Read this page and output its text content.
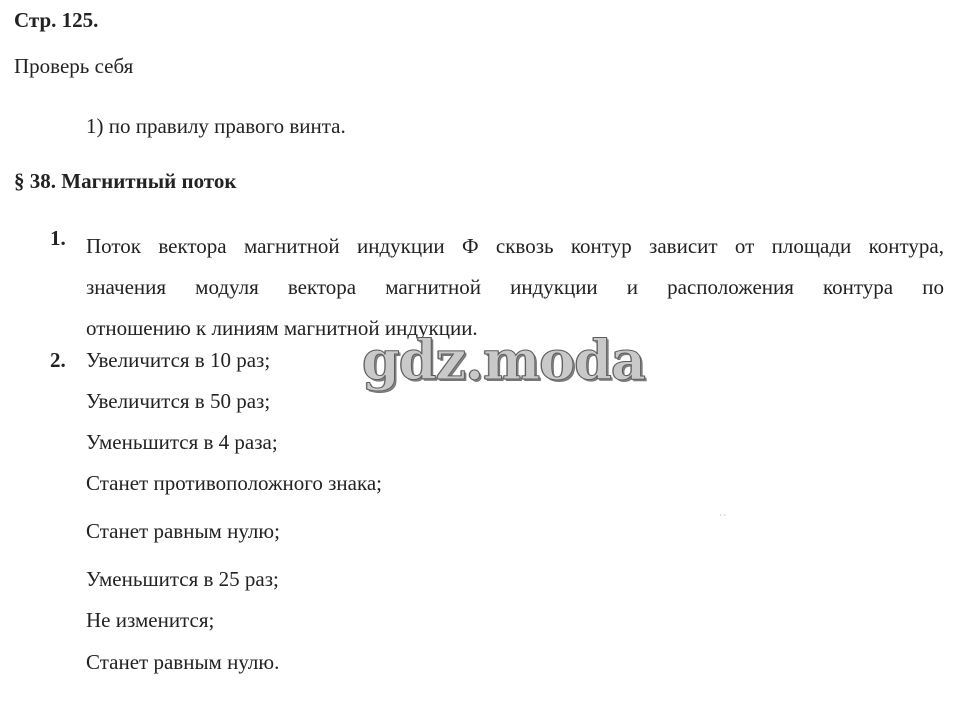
Стр. 125.
Проверь себя
1) по правилу правого винта.
§ 38. Магнитный поток
1. Поток вектора магнитной индукции Ф сквозь контур зависит от площади контура,
значения модуля вектора магнитной индукции и расположения контура по
отношению к линиям магнитной индукции.
2. Увеличится в 10 раз;
Увеличится в 50 раз;
Уменьшится в 4 раза;
Станет противоположного знака;
Станет равным нулю;
Уменьшится в 25 раз;
Не изменится;
Станет равным нулю.
gdz.moda
· ·
